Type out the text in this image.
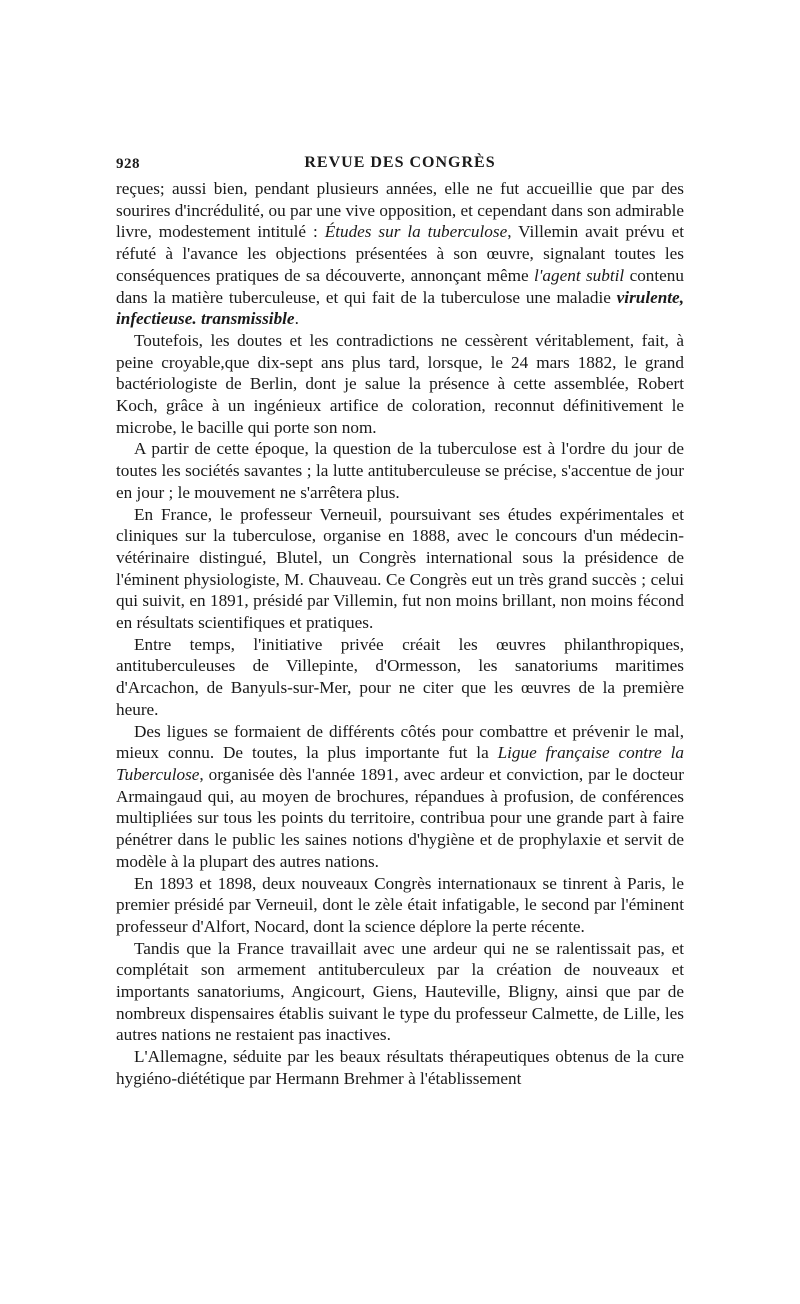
928	REVUE DES CONGRÈS

reçues; aussi bien, pendant plusieurs années, elle ne fut accueillie que par des sourires d'incrédulité, ou par une vive opposition, et cependant dans son admirable livre, modestement intitulé : Études sur la tuberculose, Villemin avait prévu et réfuté à l'avance les objections présentées à son œuvre, signalant toutes les conséquences pratiques de sa découverte, annonçant même l'agent subtil contenu dans la matière tuberculeuse, et qui fait de la tuberculose une maladie virulente, infectieuse. transmissible.

Toutefois, les doutes et les contradictions ne cessèrent véritablement, fait, à peine croyable,que dix-sept ans plus tard, lorsque, le 24 mars 1882, le grand bactériologiste de Berlin, dont je salue la présence à cette assemblée, Robert Koch, grâce à un ingénieux artifice de coloration, reconnut définitivement le microbe, le bacille qui porte son nom.

A partir de cette époque, la question de la tuberculose est à l'ordre du jour de toutes les sociétés savantes ; la lutte antituberculeuse se précise, s'accentue de jour en jour ; le mouvement ne s'arrêtera plus.

En France, le professeur Verneuil, poursuivant ses études expérimentales et cliniques sur la tuberculose, organise en 1888, avec le concours d'un médecin-vétérinaire distingué, Blutel, un Congrès international sous la présidence de l'éminent physiologiste, M. Chauveau. Ce Congrès eut un très grand succès ; celui qui suivit, en 1891, présidé par Villemin, fut non moins brillant, non moins fécond en résultats scientifiques et pratiques.

Entre temps, l'initiative privée créait les œuvres philanthropiques, antituberculeuses de Villepinte, d'Ormesson, les sanatoriums maritimes d'Arcachon, de Banyuls-sur-Mer, pour ne citer que les œuvres de la première heure.

Des ligues se formaient de différents côtés pour combattre et prévenir le mal, mieux connu. De toutes, la plus importante fut la Ligue française contre la Tuberculose, organisée dès l'année 1891, avec ardeur et conviction, par le docteur Armaingaud qui, au moyen de brochures, répandues à profusion, de conférences multipliées sur tous les points du territoire, contribua pour une grande part à faire pénétrer dans le public les saines notions d'hygiène et de prophylaxie et servit de modèle à la plupart des autres nations.

En 1893 et 1898, deux nouveaux Congrès internationaux se tinrent à Paris, le premier présidé par Verneuil, dont le zèle était infatigable, le second par l'éminent professeur d'Alfort, Nocard, dont la science déplore la perte récente.

Tandis que la France travaillait avec une ardeur qui ne se ralentissait pas, et complétait son armement antituberculeux par la création de nouveaux et importants sanatoriums, Angicourt, Giens, Hauteville, Bligny, ainsi que par de nombreux dispensaires établis suivant le type du professeur Calmette, de Lille, les autres nations ne restaient pas inactives.

L'Allemagne, séduite par les beaux résultats thérapeutiques obtenus de la cure hygiéno-diététique par Hermann Brehmer à l'établissement
